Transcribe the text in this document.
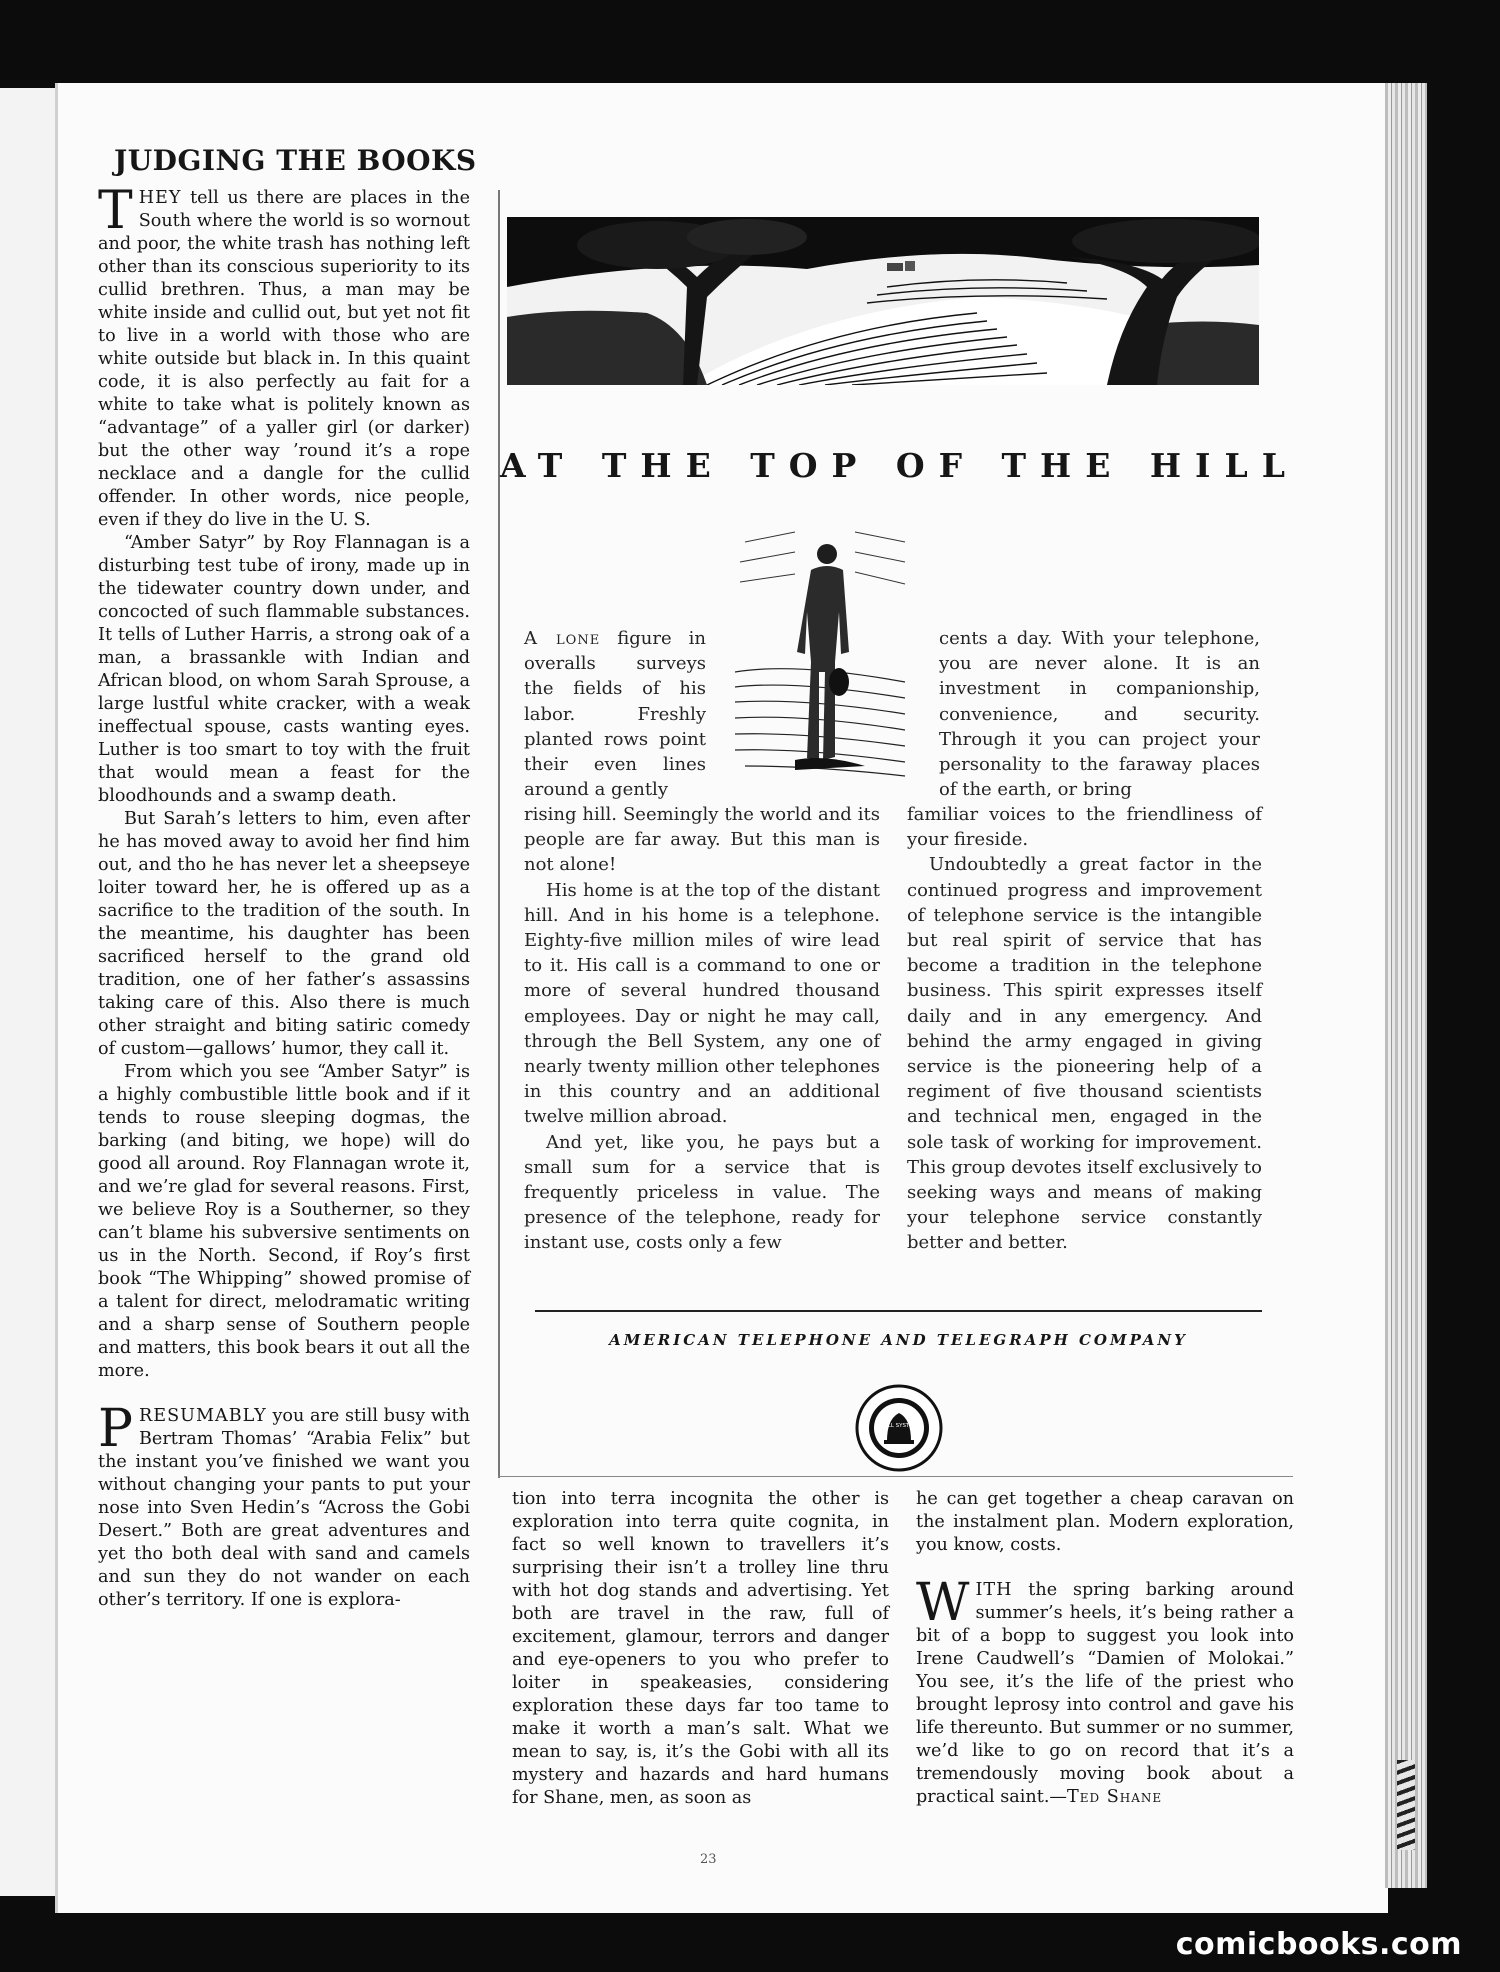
JUDGING THE BOOKS

THEY tell us there are places in the South where the world is so wornout and poor, the white trash has nothing left other than its conscious superiority to its cullid brethren. Thus, a man may be white inside and cullid out, but yet not fit to live in a world with those who are white outside but black in. In this quaint code, it is also perfectly au fait for a white to take what is politely known as “advantage” of a yaller girl (or darker) but the other way ’round it’s a rope necklace and a dangle for the cullid offender. In other words, nice people, even if they do live in the U. S.

“Amber Satyr” by Roy Flannagan is a disturbing test tube of irony, made up in the tidewater country down under, and concocted of such flammable substances. It tells of Luther Harris, a strong oak of a man, a brassankle with Indian and African blood, on whom Sarah Sprouse, a large lustful white cracker, with a weak ineffectual spouse, casts wanting eyes. Luther is too smart to toy with the fruit that would mean a feast for the bloodhounds and a swamp death.

But Sarah’s letters to him, even after he has moved away to avoid her find him out, and tho he has never let a sheepseye loiter toward her, he is offered up as a sacrifice to the tradition of the south. In the meantime, his daughter has been sacrificed herself to the grand old tradition, one of her father’s assassins taking care of this. Also there is much other straight and biting satiric comedy of custom—gallows’ humor, they call it.

From which you see “Amber Satyr” is a highly combustible little book and if it tends to rouse sleeping dogmas, the barking (and biting, we hope) will do good all around. Roy Flannagan wrote it, and we’re glad for several reasons. First, we believe Roy is a Southerner, so they can’t blame his subversive sentiments on us in the North. Second, if Roy’s first book “The Whipping” showed promise of a talent for direct, melodramatic writing and a sharp sense of Southern people and matters, this book bears it out all the more.

PRESUMABLY you are still busy with Bertram Thomas’ “Arabia Felix” but the instant you’ve finished we want you without changing your pants to put your nose into Sven Hedin’s “Across the Gobi Desert.” Both are great adventures and yet tho both deal with sand and camels and sun they do not wander on each other’s territory. If one is explora-

AT THE TOP OF THE HILL

A lone figure in overalls surveys the fields of his labor. Freshly planted rows point their even lines around a gently

cents a day. With your telephone, you are never alone. It is an investment in companionship, convenience, and security. Through it you can project your personality to the faraway places of the earth, or bring

rising hill. Seemingly the world and its people are far away. But this man is not alone!

His home is at the top of the distant hill. And in his home is a telephone. Eighty-five million miles of wire lead to it. His call is a command to one or more of several hundred thousand employees. Day or night he may call, through the Bell System, any one of nearly twenty million other telephones in this country and an additional twelve million abroad.

And yet, like you, he pays but a small sum for a service that is frequently priceless in value. The presence of the telephone, ready for instant use, costs only a few

familiar voices to the friendliness of your fireside.

Undoubtedly a great factor in the continued progress and improvement of telephone service is the intangible but real spirit of service that has become a tradition in the telephone business. This spirit expresses itself daily and in any emergency. And behind the army engaged in giving service is the pioneering help of a regiment of five thousand scientists and technical men, engaged in the sole task of working for improvement. This group devotes itself exclusively to seeking ways and means of making your telephone service constantly better and better.

AMERICAN TELEPHONE AND TELEGRAPH COMPANY

BELL SYSTEM

tion into terra incognita the other is exploration into terra quite cognita, in fact so well known to travellers it’s surprising their isn’t a trolley line thru with hot dog stands and advertising. Yet both are travel in the raw, full of excitement, glamour, terrors and danger and eye-openers to you who prefer to loiter in speakeasies, considering exploration these days far too tame to make it worth a man’s salt. What we mean to say, is, it’s the Gobi with all its mystery and hazards and hard humans for Shane, men, as soon as

he can get together a cheap caravan on the instalment plan. Modern exploration, you know, costs.

WITH the spring barking around summer’s heels, it’s being rather a bit of a bopp to suggest you look into Irene Caudwell’s “Damien of Molokai.” You see, it’s the life of the priest who brought leprosy into control and gave his life thereunto. But summer or no summer, we’d like to go on record that it’s a tremendously moving book about a practical saint.—Ted Shane

23
comicbooks.com
